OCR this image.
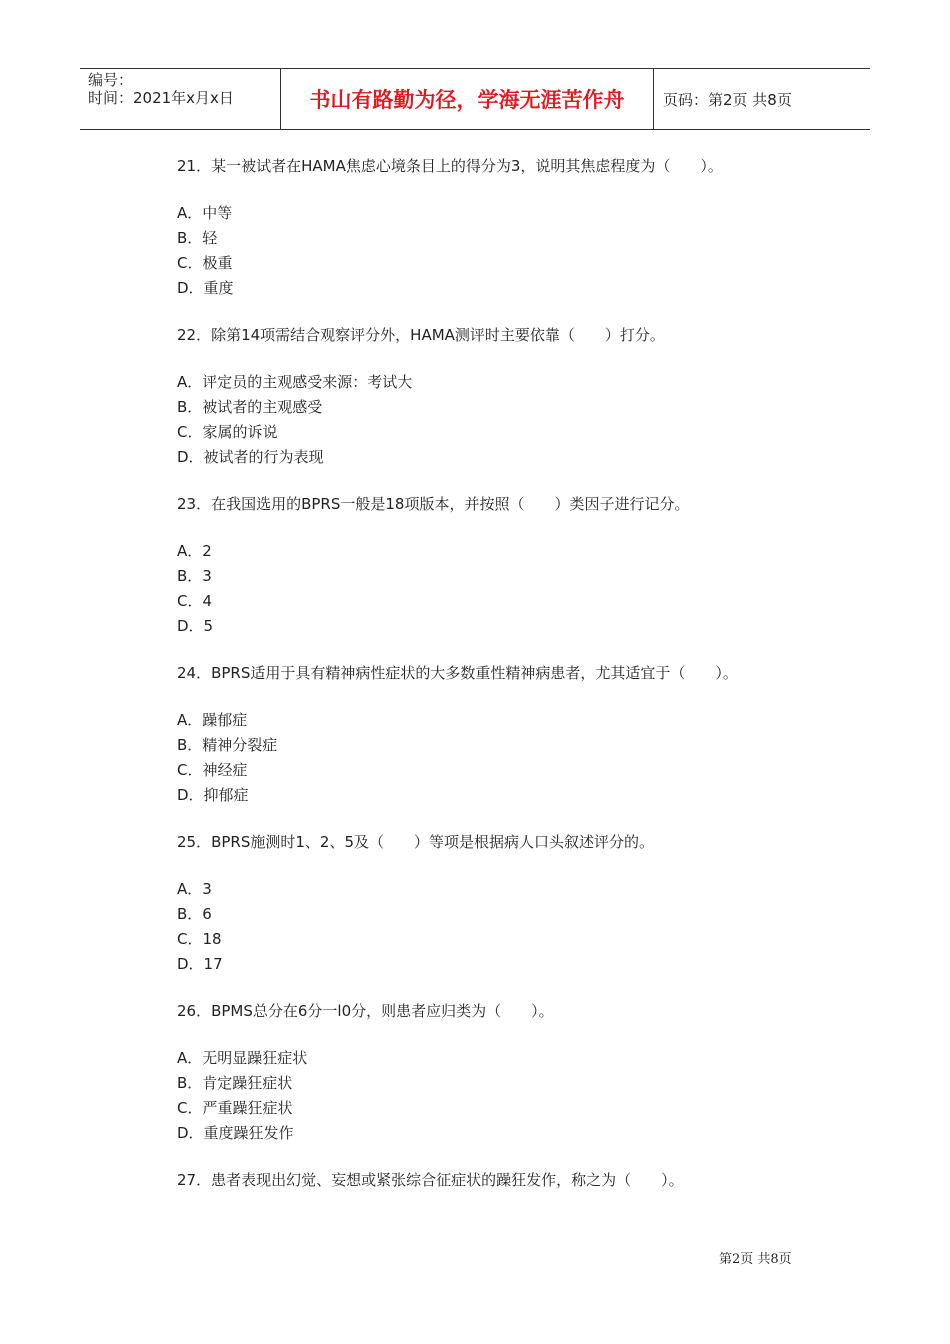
编号：
时间：2021年x月x日	书山有路勤为径，学海无涯苦作舟	页码：第2页 共8页
21．某一被试者在HAMA焦虑心境条目上的得分为3，说明其焦虑程度为（　　）。
A．中等
B．轻
C．极重
D．重度
22．除第14项需结合观察评分外，HAMA测评时主要依靠（　　）打分。
A．评定员的主观感受来源：考试大
B．被试者的主观感受
C．家属的诉说
D．被试者的行为表现
23．在我国选用的BPRS一般是18项版本，并按照（　　）类因子进行记分。
A．2
B．3
C．4
D．5
24．BPRS适用于具有精神病性症状的大多数重性精神病患者，尤其适宜于（　　）。
A．躁郁症
B．精神分裂症
C．神经症
D．抑郁症
25．BPRS施测时1、2、5及（　　）等项是根据病人口头叙述评分的。
A．3
B．6
C．18
D．17
26．BPMS总分在6分一l0分，则患者应归类为（　　）。
A．无明显躁狂症状
B．肯定躁狂症状
C．严重躁狂症状
D．重度躁狂发作
27．患者表现出幻觉、妄想或紧张综合征症状的躁狂发作，称之为（　　）。
第2页 共8页
